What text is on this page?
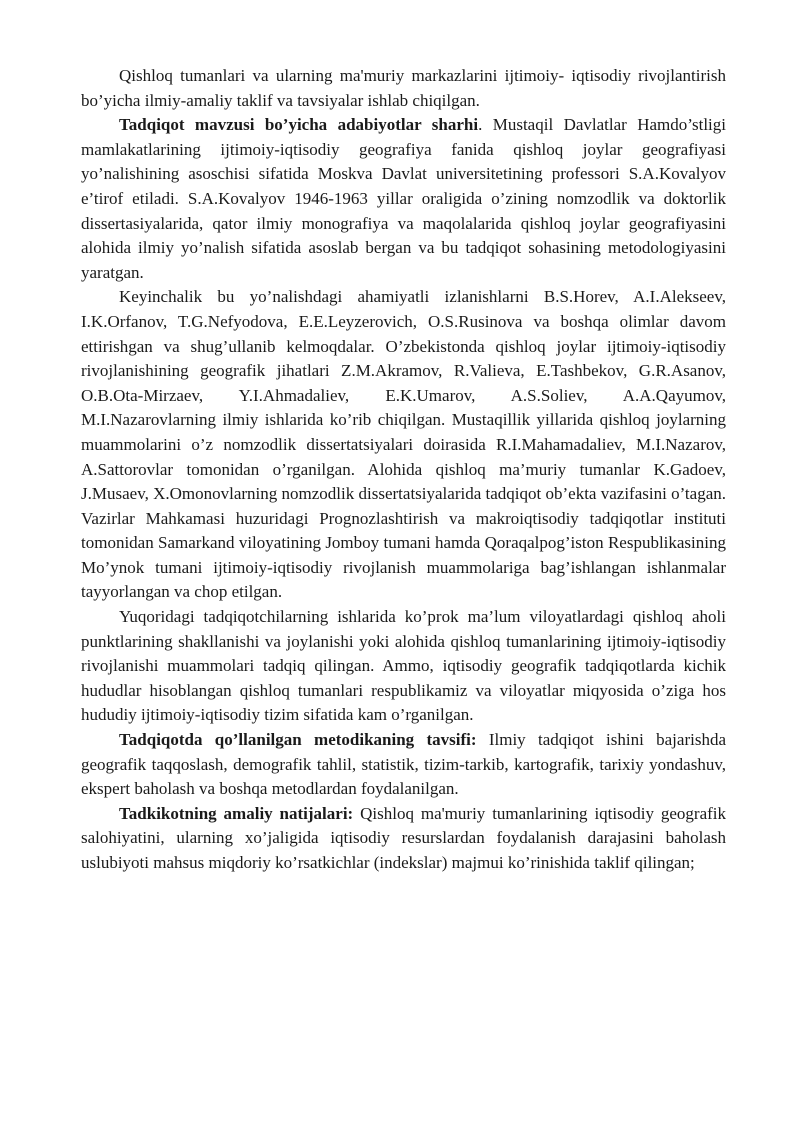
Qishloq tumanlari va ularning ma'muriy markazlarini ijtimoiy- iqtisodiy rivojlantirish bo’yicha ilmiy-amaliy taklif va tavsiyalar ishlab chiqilgan.

Tadqiqot mavzusi bo’yicha adabiyotlar sharhi. Mustaqil Davlatlar Hamdo’stligi mamlakatlarining ijtimoiy-iqtisodiy geografiya fanida qishloq joylar geografiyasi yo’nalishining asoschisi sifatida Moskva Davlat universitetining professori S.A.Kovalyov e’tirof etiladi. S.A.Kovalyov 1946-1963 yillar oraligida o’zining nomzodlik va doktorlik dissertasiyalarida, qator ilmiy monografiya va maqolalarida qishloq joylar geografiyasini alohida ilmiy yo’nalish sifatida asoslab bergan va bu tadqiqot sohasining metodologiyasini yaratgan.

Keyinchalik bu yo’nalishdagi ahamiyatli izlanishlarni B.S.Horev, A.I.Alekseev, I.K.Orfanov, T.G.Nefyodova, E.E.Leyzerovich, O.S.Rusinova va boshqa olimlar davom ettirishgan va shug’ullanib kelmoqdalar. O’zbekistonda qishloq joylar ijtimoiy-iqtisodiy rivojlanishining geografik jihatlari Z.M.Akramov, R.Valieva, E.Tashbekov, G.R.Asanov, O.B.Ota-Mirzaev, Y.I.Ahmadaliev, E.K.Umarov, A.S.Soliev, A.A.Qayumov, M.I.Nazarovlarning ilmiy ishlarida ko’rib chiqilgan. Mustaqillik yillarida qishloq joylarning muammolarini o’z nomzodlik dissertatsiyalari doirasida R.I.Mahamadaliev, M.I.Nazarov, A.Sattorovlar tomonidan o’rganilgan. Alohida qishloq ma’muriy tumanlar K.Gadoev, J.Musaev, X.Omonovlarning nomzodlik dissertatsiyalarida tadqiqot ob’ekta vazifasini o’tagan. Vazirlar Mahkamasi huzuridagi Prognozlashtirish va makroiqtisodiy tadqiqotlar instituti tomonidan Samarkand viloyatining Jomboy tumani hamda Qoraqalpog’iston Respublikasining Mo’ynok tumani ijtimoiy-iqtisodiy rivojlanish muammolariga bag’ishlangan ishlanmalar tayyorlangan va chop etilgan.

Yuqoridagi tadqiqotchilarning ishlarida ko’prok ma’lum viloyatlardagi qishloq aholi punktlarining shakllanishi va joylanishi yoki alohida qishloq tumanlarining ijtimoiy-iqtisodiy rivojlanishi muammolari tadqiq qilingan. Ammo, iqtisodiy geografik tadqiqotlarda kichik hududlar hisoblangan qishloq tumanlari respublikamiz va viloyatlar miqyosida o’ziga hos hududiy ijtimoiy-iqtisodiy tizim sifatida kam o’rganilgan.

Tadqiqotda qo’llanilgan metodikaning tavsifi: Ilmiy tadqiqot ishini bajarishda geografik taqqoslash, demografik tahlil, statistik, tizim-tarkib, kartografik, tarixiy yondashuv, ekspert baholash va boshqa metodlardan foydalanilgan.

Tadkikotning amaliy natijalari: Qishloq ma'muriy tumanlarining iqtisodiy geografik salohiyatini, ularning xo’jaligida iqtisodiy resurslardan foydalanish darajasini baholash uslubiyoti mahsus miqdoriy ko’rsatkichlar (indekslar) majmui ko’rinishida taklif qilingan;
